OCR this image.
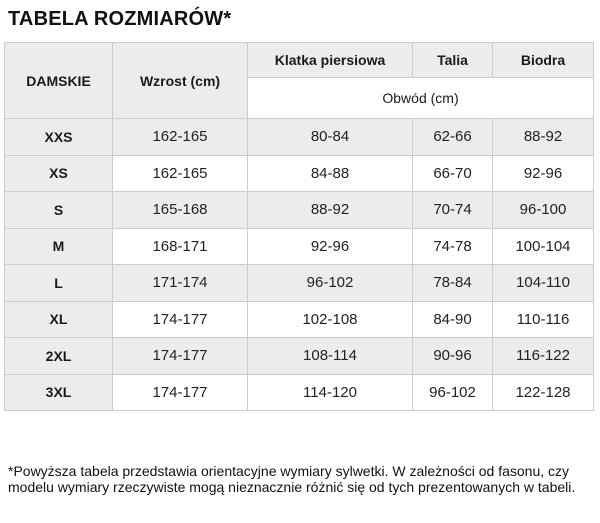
TABELA ROZMIARÓW*
DAMSKIE	Wzrost (cm)	Klatka piersiowa	Talia	Biodra
		Obwód (cm)		
XXS	162-165	80-84	62-66	88-92
XS	162-165	84-88	66-70	92-96
S	165-168	88-92	70-74	96-100
M	168-171	92-96	74-78	100-104
L	171-174	96-102	78-84	104-110
XL	174-177	102-108	84-90	110-116
2XL	174-177	108-114	90-96	116-122
3XL	174-177	114-120	96-102	122-128

*Powyższa tabela przedstawia orientacyjne wymiary sylwetki. W zależności od fasonu, czy modelu wymiary rzeczywiste mogą nieznacznie różnić się od tych prezentowanych w tabeli.
